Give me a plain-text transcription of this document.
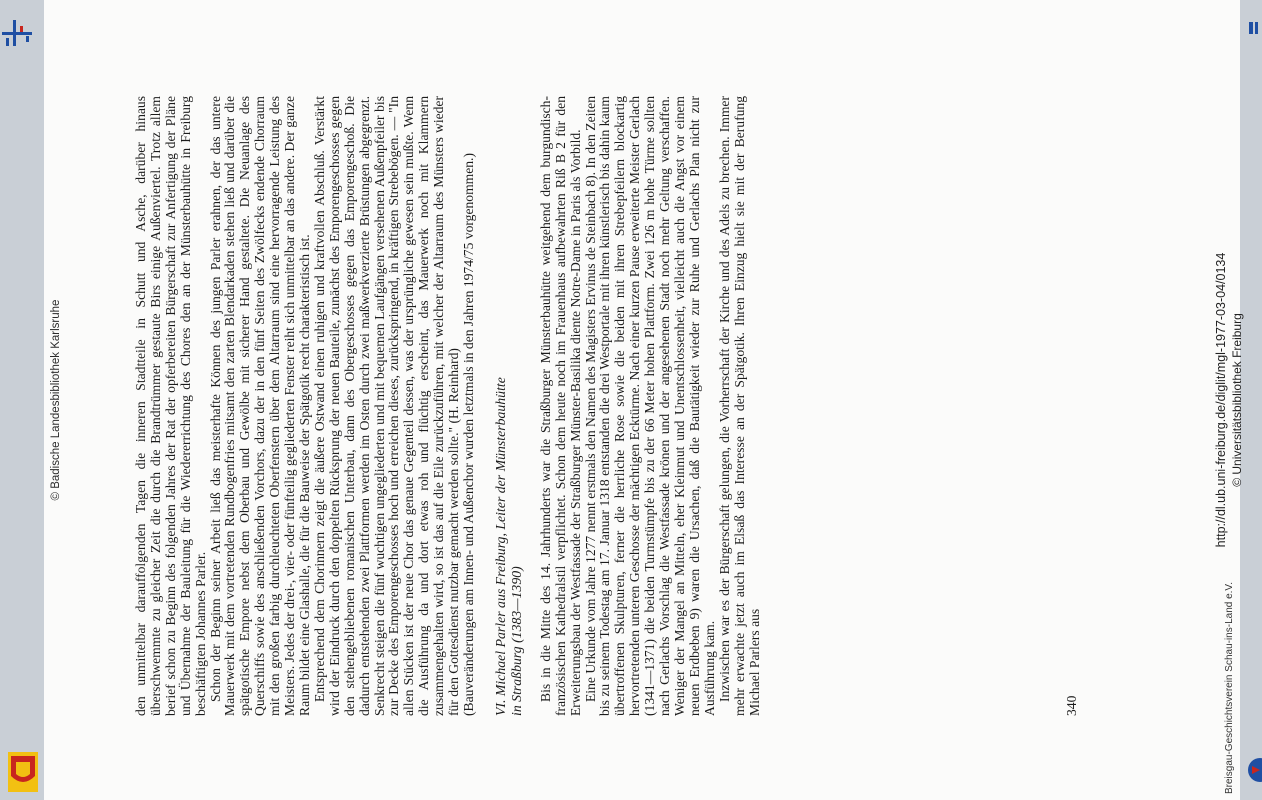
© Badische Landesbibliothek Karlsruhe	den unmittelbar darauffolgenden Tagen die inneren Stadtteile in Schutt und Asche, darüber hinaus überschwemmte zu gleicher Zeit die durch die Brandtrümmer gestaute Birs einige Außenviertel. Trotz allem berief schon zu Beginn des folgenden Jahres der Rat der opferbereiten Bürgerschaft zur Anfertigung der Pläne und Übernahme der Bauleitung für die Wiedererrichtung des Chores den an der Münsterbauhütte in Freiburg beschäftigten Johannes Parler. Schon der Beginn seiner Arbeit ließ das meisterhafte Können des jungen Parler erahnen, der das untere Mauerwerk mit dem vortretenden Rundbogenfries mitsamt den zarten Blendarkaden stehen ließ und darüber die spätgotische Empore nebst dem Oberbau und Gewölbe mit sicherer Hand gestaltete. Die Neuanlage des Querschiffs sowie des anschließenden Vorchors, dazu der in den fünf Seiten des Zwölfecks endende Chorraum mit den großen farbig durchleuchteten Oberfenstern über dem Altarraum sind eine hervorragende Leistung des Meisters. Jedes der drei-, vier- oder fünfteilig gegliederten Fenster reiht sich unmittelbar an das andere. Der ganze Raum bildet eine Glashalle, die für die Bauweise der Spätgotik recht charakteristisch ist. Entsprechend dem Chorinnern zeigt die äußere Ostwand einen ruhigen und kraftvollen Abschluß. Verstärkt wird der Eindruck durch den doppelten Rücksprung der neuen Bauteile, zunächst des Emporengeschosses gegen den stehengebliebenen romanischen Unterbau, dann des Obergeschosses gegen das Emporengeschoß. Die dadurch entstehenden zwei Plattformen werden im Osten durch zwei maßwerkverzierte Brüstungen abgegrenzt. Senkrecht steigen die fünf wuchtigen ungegliederten und mit bequemen Laufgängen versehenen Außenpfeiler bis zur Decke des Emporengeschosses hoch und erreichen dieses, zurückspringend, in kräftigen Strebebögen. — "In allen Stücken ist der neue Chor das genaue Gegenteil dessen, was der ursprüngliche gewesen sein mußte. Wenn die Ausführung da und dort etwas roh und flüchtig erscheint, das Mauerwerk noch mit Klammern zusammengehalten wird, so ist das auf die Eile zurückzuführen, mit welcher der Altarraum des Münsters wieder für den Gottesdienst nutzbar gemacht werden sollte." (H. Reinhard) (Bauveränderungen am Innen- und Außenchor wurden letztmals in den Jahren 1974/75 vorgenommen.) VI. Michael Parler aus Freiburg, Leiter der Münsterbauhütte in Straßburg (1383—1390) Bis in die Mitte des 14. Jahrhunderts war die Straßburger Münsterbauhütte weitgehend dem burgundisch-französischen Kathedralstil verpflichtet. Schon dem heute noch im Frauenhaus aufbewahrten Riß B 2 für den Erweiterungsbau der Westfassade der Straßburger Münster-Basilika diente Notre-Dame in Paris als Vorbild. Eine Urkunde vom Jahre 1277 nennt erstmals den Namen des Magisters Ervinus de Steinbach 8). In den Zeiten bis zu seinem Todestag am 17. Januar 1318 entstanden die drei Westportale mit ihren künstlerisch bis dahin kaum übertroffenen Skulpturen, ferner die herrliche Rose sowie die beiden mit ihren Strebepfeilern blockartig hervortretenden unteren Geschosse der mächtigen Ecktürme. Nach einer kurzen Pause erweiterte Meister Gerlach (1341—1371) die beiden Turmstümpfe bis zu der 66 Meter hohen Plattform. Zwei 126 m hohe Türme sollten nach Gerlachs Vorschlag die Westfassade krönen und der angesehenen Stadt noch mehr Geltung verschaffen. Weniger der Mangel an Mitteln, eher Kleinmut und Unentschlossenheit, vielleicht auch die Angst vor einem neuen Erdbeben 9) waren die Ursachen, daß die Bautätigkeit wieder zur Ruhe und Gerlachs Plan nicht zur Ausführung kam. Inzwischen war es der Bürgerschaft gelungen, die Vorherrschaft der Kirche und des Adels zu brechen. Immer mehr erwachte jetzt auch im Elsaß das Interesse an der Spätgotik. Ihren Einzug hielt sie mit der Berufung Michael Parlers aus	340
http://dl.ub.uni-freiburg.de/diglit/mgl-1977-03-04/0134 © Universitätsbibliothek Freiburg
Breisgau-Geschichtsverein Schau-ins-Land e.V.
